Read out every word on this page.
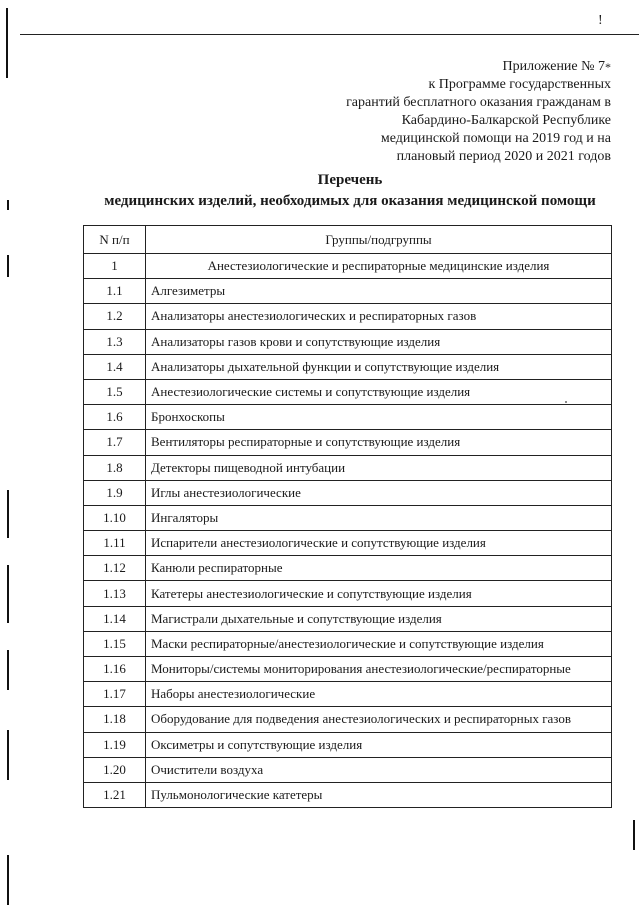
!
Приложение № 7*
к Программе государственных
гарантий бесплатного оказания гражданам в
Кабардино-Балкарской Республике
медицинской помощи на 2019 год и на
плановый период 2020 и 2021 годов
Перечень
медицинских изделий, необходимых для оказания медицинской помощи
N п/п	Группы/подгруппы
1	Анестезиологические и респираторные медицинские изделия
1.1	Алгезиметры
1.2	Анализаторы анестезиологических и респираторных газов
1.3	Анализаторы газов крови и сопутствующие изделия
1.4	Анализаторы дыхательной функции и сопутствующие изделия
1.5	Анестезиологические системы и сопутствующие изделия
1.6	Бронхоскопы
1.7	Вентиляторы респираторные и сопутствующие изделия
1.8	Детекторы пищеводной интубации
1.9	Иглы анестезиологические
1.10	Ингаляторы
1.11	Испарители анестезиологические и сопутствующие изделия
1.12	Канюли респираторные
1.13	Катетеры анестезиологические и сопутствующие изделия
1.14	Магистрали дыхательные и сопутствующие изделия
1.15	Маски респираторные/анестезиологические и сопутствующие изделия
1.16	Мониторы/системы мониторирования анестезиологические/респираторные
1.17	Наборы анестезиологические
1.18	Оборудование для подведения анестезиологических и респираторных газов
1.19	Оксиметры и сопутствующие изделия
1.20	Очистители воздуха
1.21	Пульмонологические катетеры
